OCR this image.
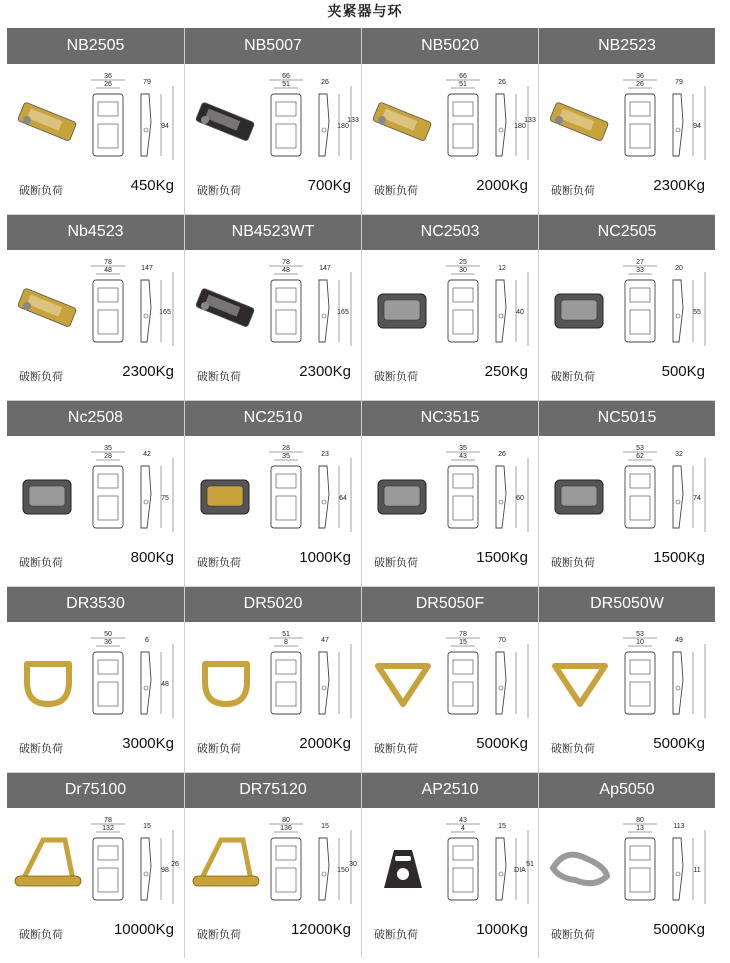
夹紧器与环
NB2505
36
26	79
94
破断负荷	450Kg
NB5007
66
51	26
180
133
破断负荷	700Kg
NB5020
66
51	26
180
133
破断负荷	2000Kg
NB2523
36
26	79
94
破断负荷	2300Kg
Nb4523
78
48	147
165
破断负荷	2300Kg
NB4523WT
78
48	147
165
破断负荷	2300Kg
NC2503
25
30	12
40
破断负荷	250Kg
NC2505
27
33	20
55
破断负荷	500Kg
Nc2508
35
28	42
75
破断负荷	800Kg
NC2510
28
35	23
64
破断负荷	1000Kg
NC3515
35
43	26
60
破断负荷	1500Kg
NC5015
53
62	32
74
破断负荷	1500Kg
DR3530
50
36	6
48
破断负荷	3000Kg
DR5020
51
8	47
破断负荷	2000Kg
DR5050F
78
15	70
破断负荷	5000Kg
DR5050W
53
10	49
破断负荷	5000Kg
Dr75100
78
132	15
98
26
破断负荷	10000Kg
DR75120
80
136	15
150
30
破断负荷	12000Kg
AP2510
43
4	15
DIA
51
破断负荷	1000Kg
Ap5050
80
13	113
11
破断负荷	5000Kg
